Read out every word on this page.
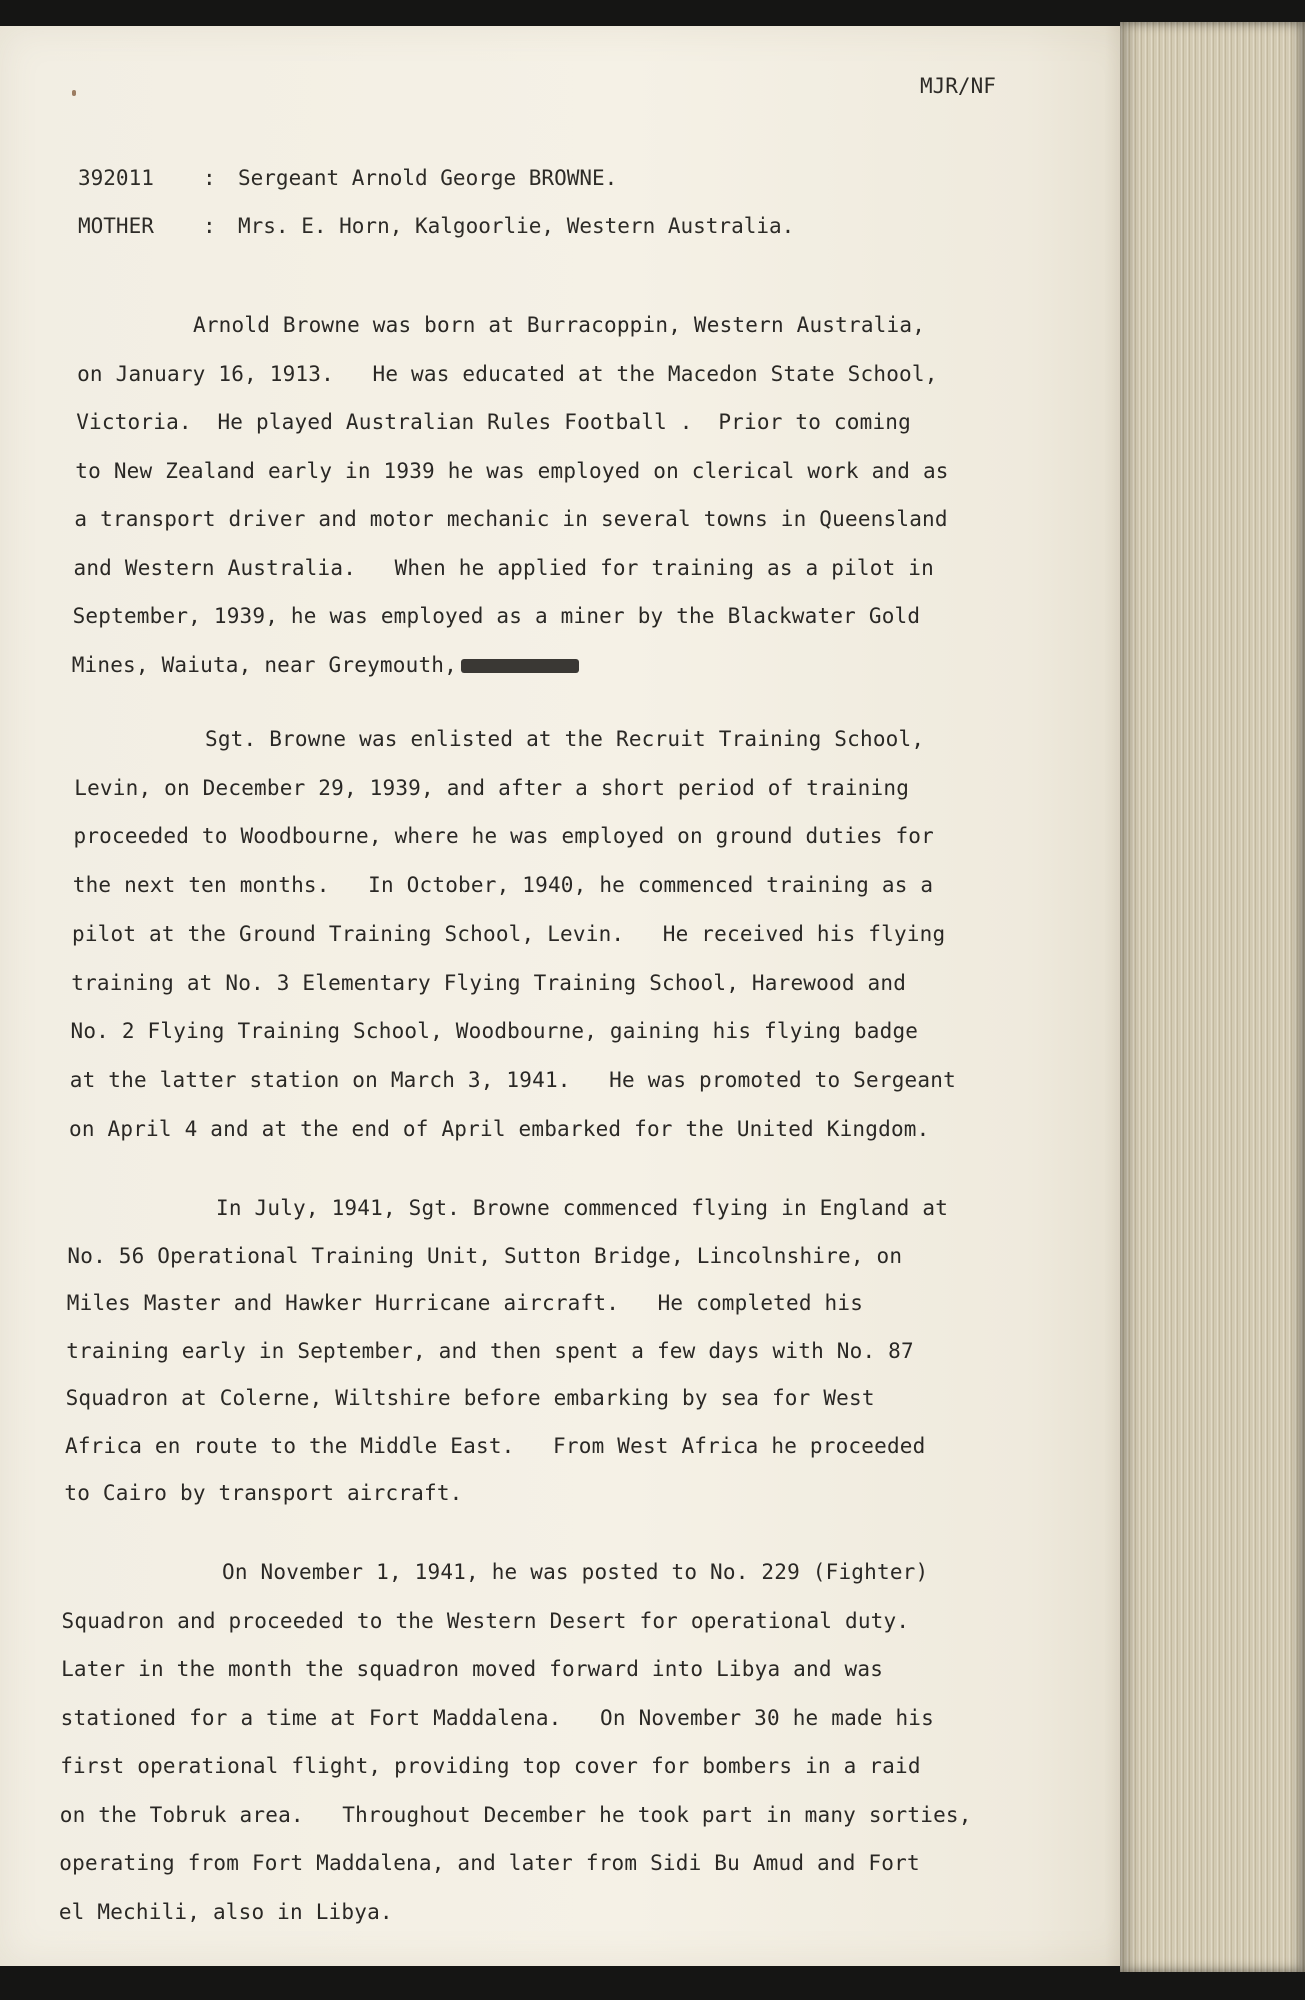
MJR/NF
392011 : Sergeant Arnold George BROWNE.
MOTHER : Mrs. E. Horn, Kalgoorlie, Western Australia.
Arnold Browne was born at Burracoppin, Western Australia,
on January 16, 1913.   He was educated at the Macedon State School,
Victoria.  He played Australian Rules Football .  Prior to coming
to New Zealand early in 1939 he was employed on clerical work and as
a transport driver and motor mechanic in several towns in Queensland
and Western Australia.   When he applied for training as a pilot in
September, 1939, he was employed as a miner by the Blackwater Gold
Mines, Waiuta, near Greymouth,
Sgt. Browne was enlisted at the Recruit Training School,
Levin, on December 29, 1939, and after a short period of training
proceeded to Woodbourne, where he was employed on ground duties for
the next ten months.   In October, 1940, he commenced training as a
pilot at the Ground Training School, Levin.   He received his flying
training at No. 3 Elementary Flying Training School, Harewood and
No. 2 Flying Training School, Woodbourne, gaining his flying badge
at the latter station on March 3, 1941.   He was promoted to Sergeant
on April 4 and at the end of April embarked for the United Kingdom.
In July, 1941, Sgt. Browne commenced flying in England at
No. 56 Operational Training Unit, Sutton Bridge, Lincolnshire, on
Miles Master and Hawker Hurricane aircraft.   He completed his
training early in September, and then spent a few days with No. 87
Squadron at Colerne, Wiltshire before embarking by sea for West
Africa en route to the Middle East.   From West Africa he proceeded
to Cairo by transport aircraft.
On November 1, 1941, he was posted to No. 229 (Fighter)
Squadron and proceeded to the Western Desert for operational duty.
Later in the month the squadron moved forward into Libya and was
stationed for a time at Fort Maddalena.   On November 30 he made his
first operational flight, providing top cover for bombers in a raid
on the Tobruk area.   Throughout December he took part in many sorties,
operating from Fort Maddalena, and later from Sidi Bu Amud and Fort
el Mechili, also in Libya.
